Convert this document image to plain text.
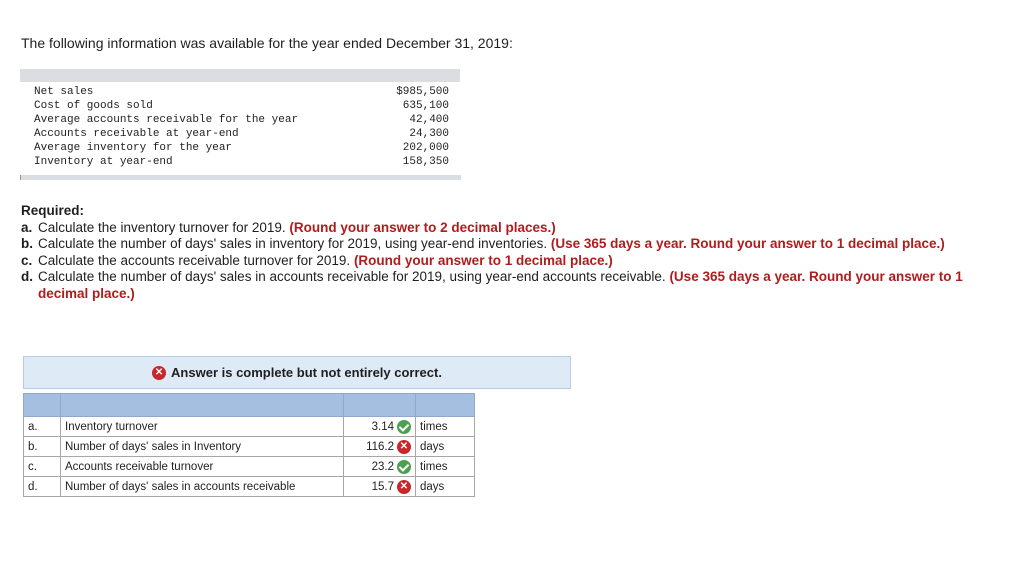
The following information was available for the year ended December 31, 2019:
Net sales	$985,500
Cost of goods sold	635,100
Average accounts receivable for the year	42,400
Accounts receivable at year-end	24,300
Average inventory for the year	202,000
Inventory at year-end	158,350
Required:
a. Calculate the inventory turnover for 2019. (Round your answer to 2 decimal places.)
b. Calculate the number of days' sales in inventory for 2019, using year-end inventories. (Use 365 days a year. Round your answer to 1 decimal place.)
c. Calculate the accounts receivable turnover for 2019. (Round your answer to 1 decimal place.)
d. Calculate the number of days' sales in accounts receivable for 2019, using year-end accounts receivable. (Use 365 days a year. Round your answer to 1 decimal place.)
✕ Answer is complete but not entirely correct.

a.	Inventory turnover	3.14	times
b.	Number of days' sales in Inventory	116.2 ✕	days
c.	Accounts receivable turnover	23.2	times
d.	Number of days' sales in accounts receivable	15.7 ✕	days
